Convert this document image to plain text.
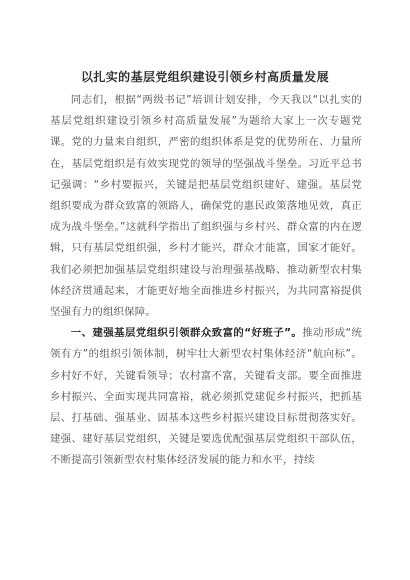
以扎实的基层党组织建设引领乡村高质量发展

同志们，根据“两级书记”培训计划安排，今天我以“以扎实的基层党组织建设引领乡村高质量发展”为题给大家上一次专题党课。党的力量来自组织，严密的组织体系是党的优势所在、力量所在，基层党组织是有效实现党的领导的坚强战斗堡垒。习近平总书记强调：“乡村要振兴，关键是把基层党组织建好、建强。基层党组织要成为群众致富的领路人，确保党的惠民政策落地见效，真正成为战斗堡垒。”这就科学指出了组织强与乡村兴、群众富的内在逻辑，只有基层党组织强，乡村才能兴，群众才能富，国家才能好。我们必须把加强基层党组织建设与治理强基战略、推动新型农村集体经济贯通起来，才能更好地全面推进乡村振兴，为共同富裕提供坚强有力的组织保障。

一、建强基层党组织引领群众致富的“好班子”。推动形成“统领有方”的组织引领体制，树牢壮大新型农村集体经济“航向标”。乡村好不好，关键看领导；农村富不富，关键看支部。要全面推进乡村振兴、全面实现共同富裕，就必须抓党建促乡村振兴，把抓基层、打基础、强基业、固基本这些乡村振兴建设目标贯彻落实好。建强、建好基层党组织，关键是要选优配强基层党组织干部队伍，不断提高引领新型农村集体经济发展的能力和水平，持续
